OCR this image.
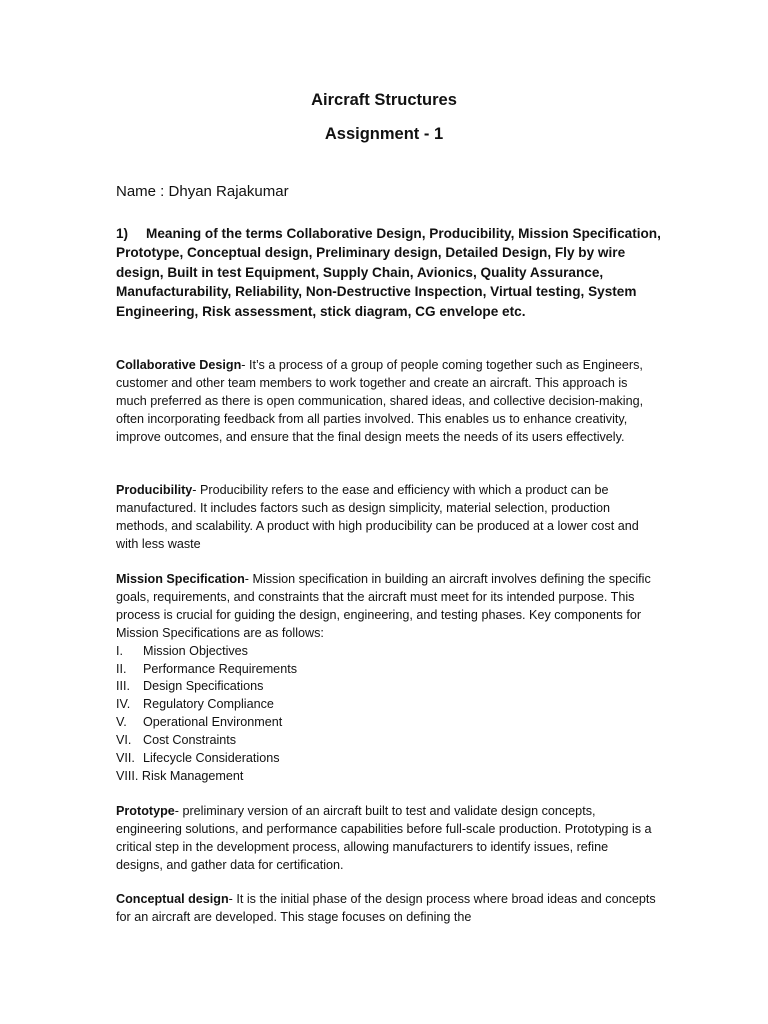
Aircraft Structures
Assignment - 1
Name : Dhyan Rajakumar
1) Meaning of the terms Collaborative Design, Producibility, Mission Specification, Prototype, Conceptual design, Preliminary design, Detailed Design, Fly by wire design, Built in test Equipment, Supply Chain, Avionics, Quality Assurance, Manufacturability, Reliability, Non-Destructive Inspection, Virtual testing, System Engineering, Risk assessment, stick diagram, CG envelope etc.
Collaborative Design- It’s a process of a group of people coming together such as Engineers, customer and other team members to work together and create an aircraft. This approach is much preferred as there is open communication, shared ideas, and collective decision-making, often incorporating feedback from all parties involved. This enables us to enhance creativity, improve outcomes, and ensure that the final design meets the needs of its users effectively.
Producibility- Producibility refers to the ease and efficiency with which a product can be manufactured. It includes factors such as design simplicity, material selection, production methods, and scalability. A product with high producibility can be produced at a lower cost and with less waste
Mission Specification- Mission specification in building an aircraft involves defining the specific goals, requirements, and constraints that the aircraft must meet for its intended purpose. This process is crucial for guiding the design, engineering, and testing phases. Key components for Mission Specifications are as follows:
I. Mission Objectives
II. Performance Requirements
III. Design Specifications
IV. Regulatory Compliance
V. Operational Environment
VI. Cost Constraints
VII. Lifecycle Considerations
VIII. Risk Management
Prototype- preliminary version of an aircraft built to test and validate design concepts, engineering solutions, and performance capabilities before full-scale production. Prototyping is a critical step in the development process, allowing manufacturers to identify issues, refine designs, and gather data for certification.
Conceptual design- It is the initial phase of the design process where broad ideas and concepts for an aircraft are developed. This stage focuses on defining the
